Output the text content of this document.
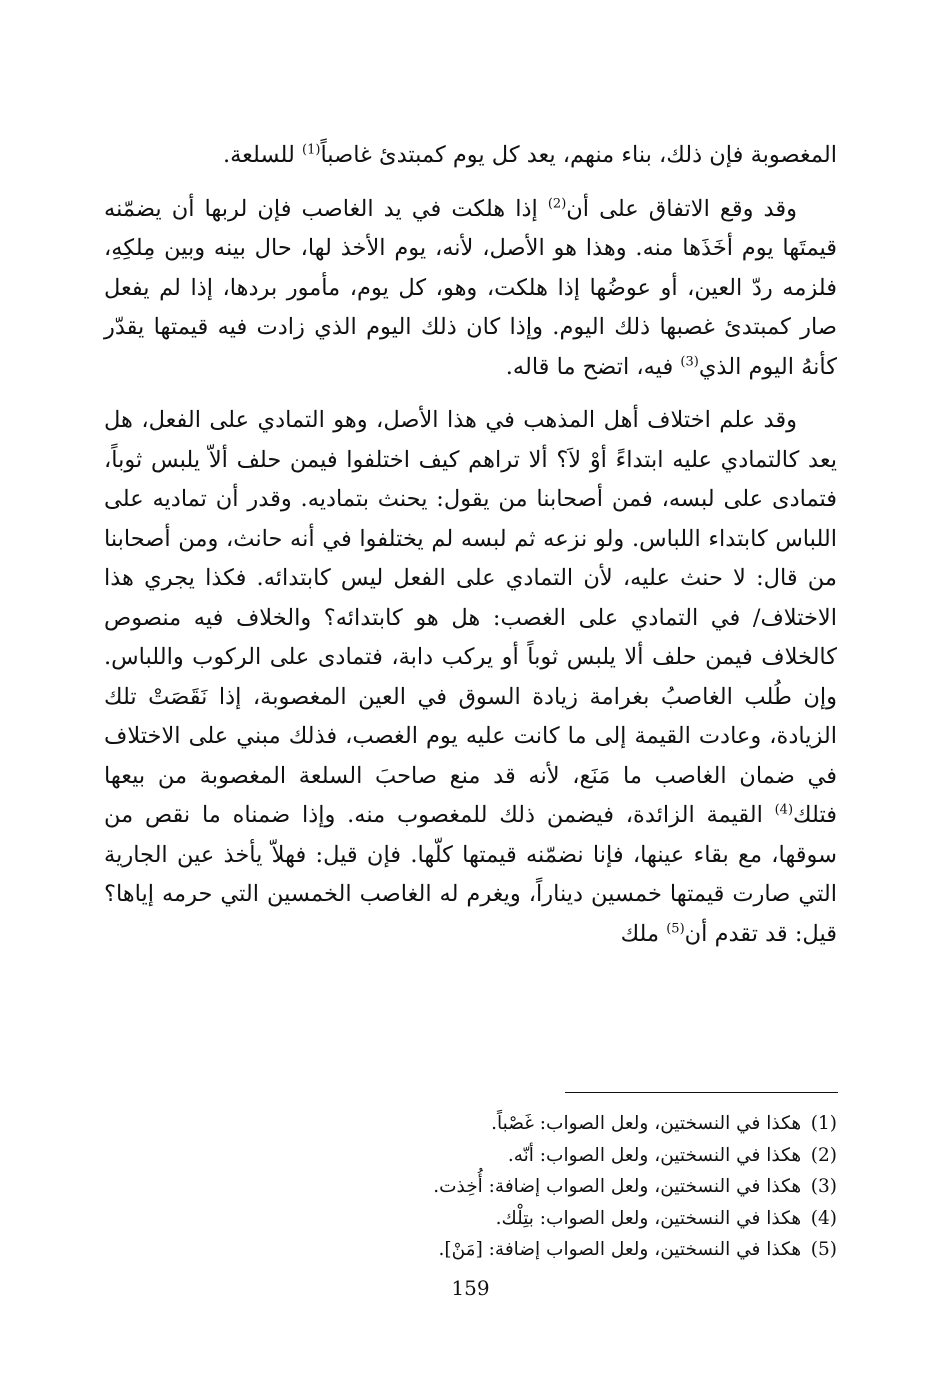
المغصوبة فإن ذلك، بناء منهم، يعد كل يوم كمبتدئ غاصباً$^{(1)}$ للسلعة.

وقد وقع الاتفاق على أن$^{(2)}$ إذا هلكت في يد الغاصب فإن لربها أن يضمّنه قيمتَها يوم أخَذَها منه. وهذا هو الأصل، لأنه، يوم الأخذ لها، حال بينه وبين مِلكِهِ، فلزمه ردّ العين، أو عوضُها إذا هلكت، وهو، كل يوم، مأمور بردها، إذا لم يفعل صار كمبتدئ غصبها ذلك اليوم. وإذا كان ذلك اليوم الذي زادت فيه قيمتها يقدّر كأنهُ اليوم الذي$^{(3)}$ فيه، اتضح ما قاله.

وقد علم اختلاف أهل المذهب في هذا الأصل، وهو التمادي على الفعل، هل يعد كالتمادي عليه ابتداءً أوْ لاَ؟ ألا تراهم كيف اختلفوا فيمن حلف ألاّ يلبس ثوباً، فتمادى على لبسه، فمن أصحابنا من يقول: يحنث بتماديه. وقدر أن تماديه على اللباس كابتداء اللباس. ولو نزعه ثم لبسه لم يختلفوا في أنه حانث، ومن أصحابنا من قال: لا حنث عليه، لأن التمادي على الفعل ليس كابتدائه. فكذا يجري هذا الاختلاف/ في التمادي على الغصب: هل هو كابتدائه؟ والخلاف فيه منصوص كالخلاف فيمن حلف ألا يلبس ثوباً أو يركب دابة، فتمادى على الركوب واللباس. وإن طُلب الغاصبُ بغرامة زيادة السوق في العين المغصوبة، إذا نَقَصَتْ تلك الزيادة، وعادت القيمة إلى ما كانت عليه يوم الغصب، فذلك مبني على الاختلاف في ضمان الغاصب ما مَنَع، لأنه قد منع صاحبَ السلعة المغصوبة من بيعها فتلك$^{(4)}$ القيمة الزائدة، فيضمن ذلك للمغصوب منه. وإذا ضمناه ما نقص من سوقها، مع بقاء عينها، فإنا نضمّنه قيمتها كلّها. فإن قيل: فهلاّ يأخذ عين الجارية التي صارت قيمتها خمسين ديناراً، ويغرم له الغاصب الخمسين التي حرمه إياها؟ قيل: قد تقدم أن$^{(5)}$ ملك

(1) هكذا في النسختين، ولعل الصواب: غَصْباً.
(2) هكذا في النسختين، ولعل الصواب: أنّه.
(3) هكذا في النسختين، ولعل الصواب إضافة: أُخِذت.
(4) هكذا في النسختين، ولعل الصواب: بتِلْك.
(5) هكذا في النسختين، ولعل الصواب إضافة: [مَنْ].
159
